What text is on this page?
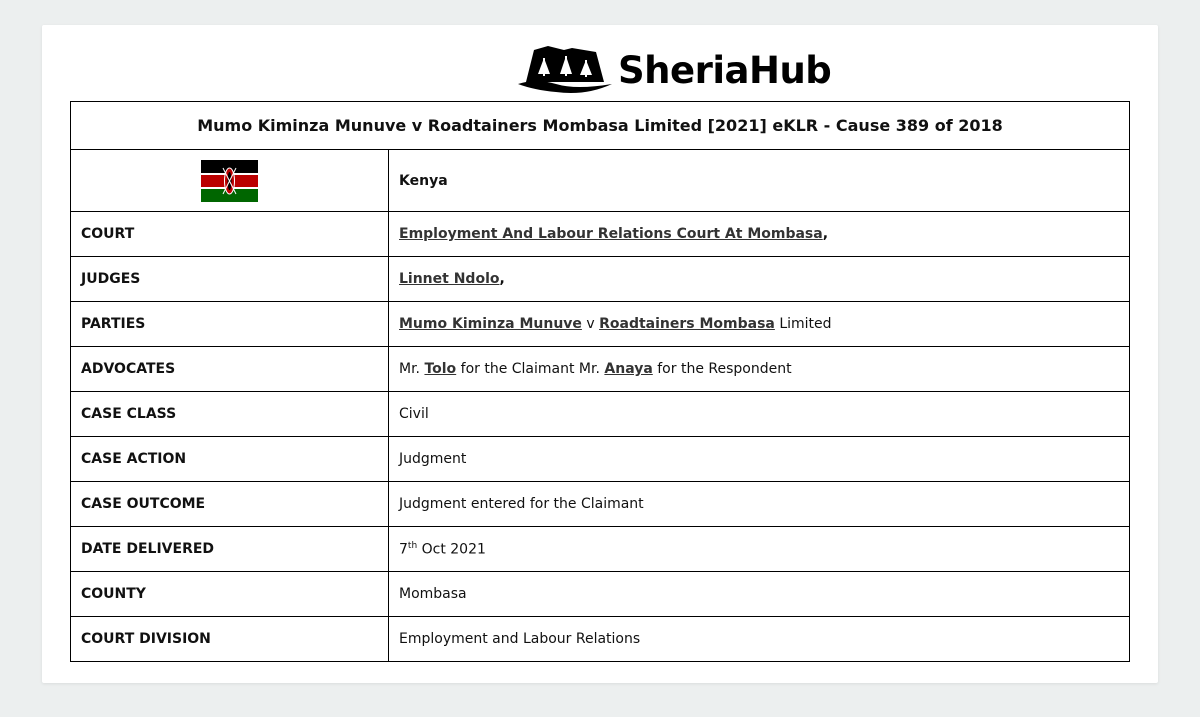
SheriaHub
Mumo Kiminza Munuve v Roadtainers Mombasa Limited [2021] eKLR - Cause 389 of 2018	
	Kenya
COURT	Employment And Labour Relations Court At Mombasa,
JUDGES	Linnet Ndolo,
PARTIES	Mumo Kiminza Munuve v Roadtainers Mombasa Limited
ADVOCATES	Mr. Tolo for the Claimant Mr. Anaya for the Respondent
CASE CLASS	Civil
CASE ACTION	Judgment
CASE OUTCOME	Judgment entered for the Claimant
DATE DELIVERED	7th Oct 2021
COUNTY	Mombasa
COURT DIVISION	Employment and Labour Relations
